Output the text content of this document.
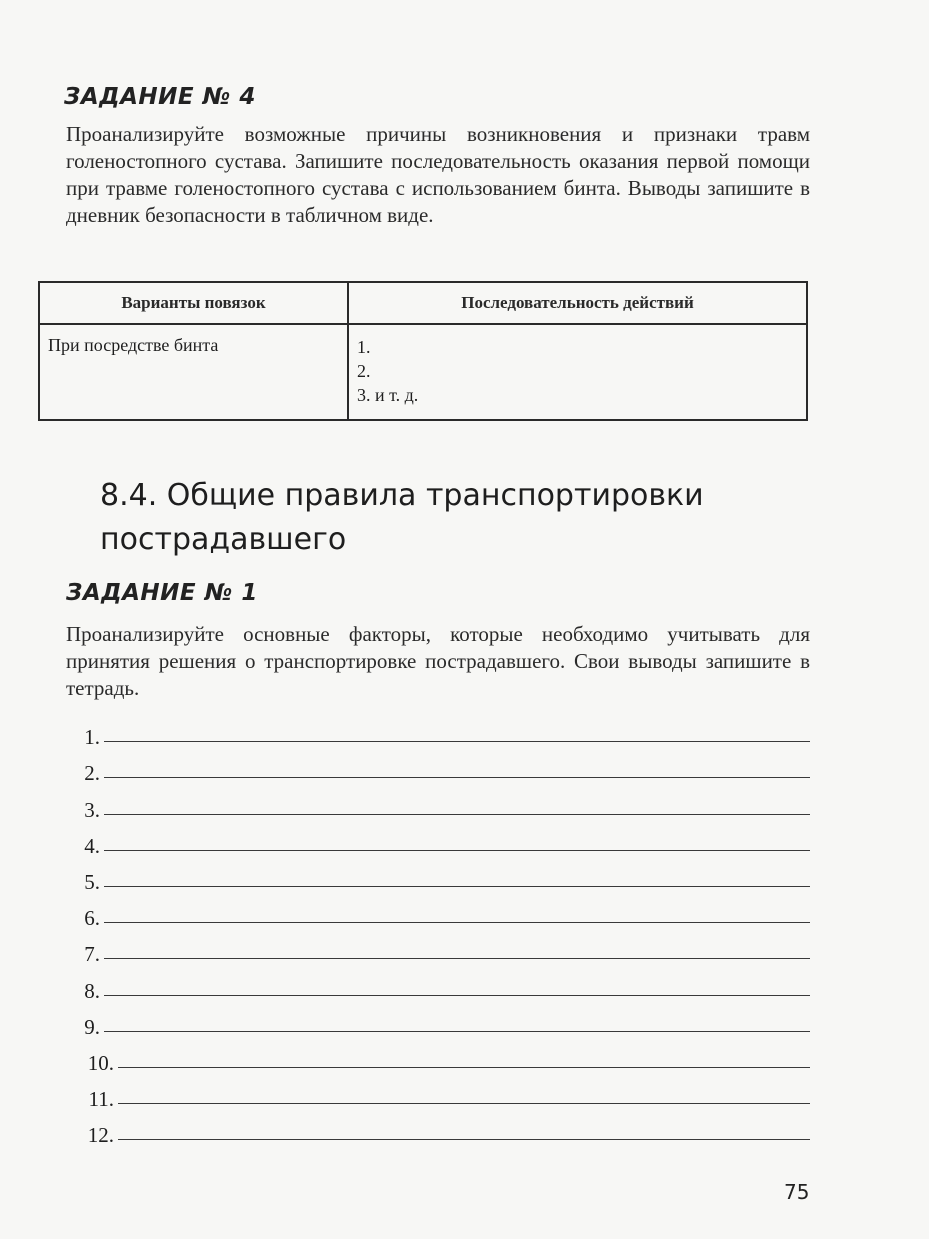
ЗАДАНИЕ № 4
Проанализируйте возможные причины возникновения и признаки травм голеностопного сустава. Запишите последовательность оказания первой помощи при травме голеностопного сустава с использованием бинта. Выводы запишите в дневник безопасности в табличном виде.
Варианты повязок	Последовательность действий
При посредстве бинта	1.
2.
3. и т. д.
8.4. Общие правила транспортировки пострадавшего
ЗАДАНИЕ № 1
Проанализируйте основные факторы, которые необходимо учитывать для принятия решения о транспортировке пострадавшего. Свои выводы запишите в тетрадь.
1.
2.
3.
4.
5.
6.
7.
8.
9.
10.
11.
12.
75
